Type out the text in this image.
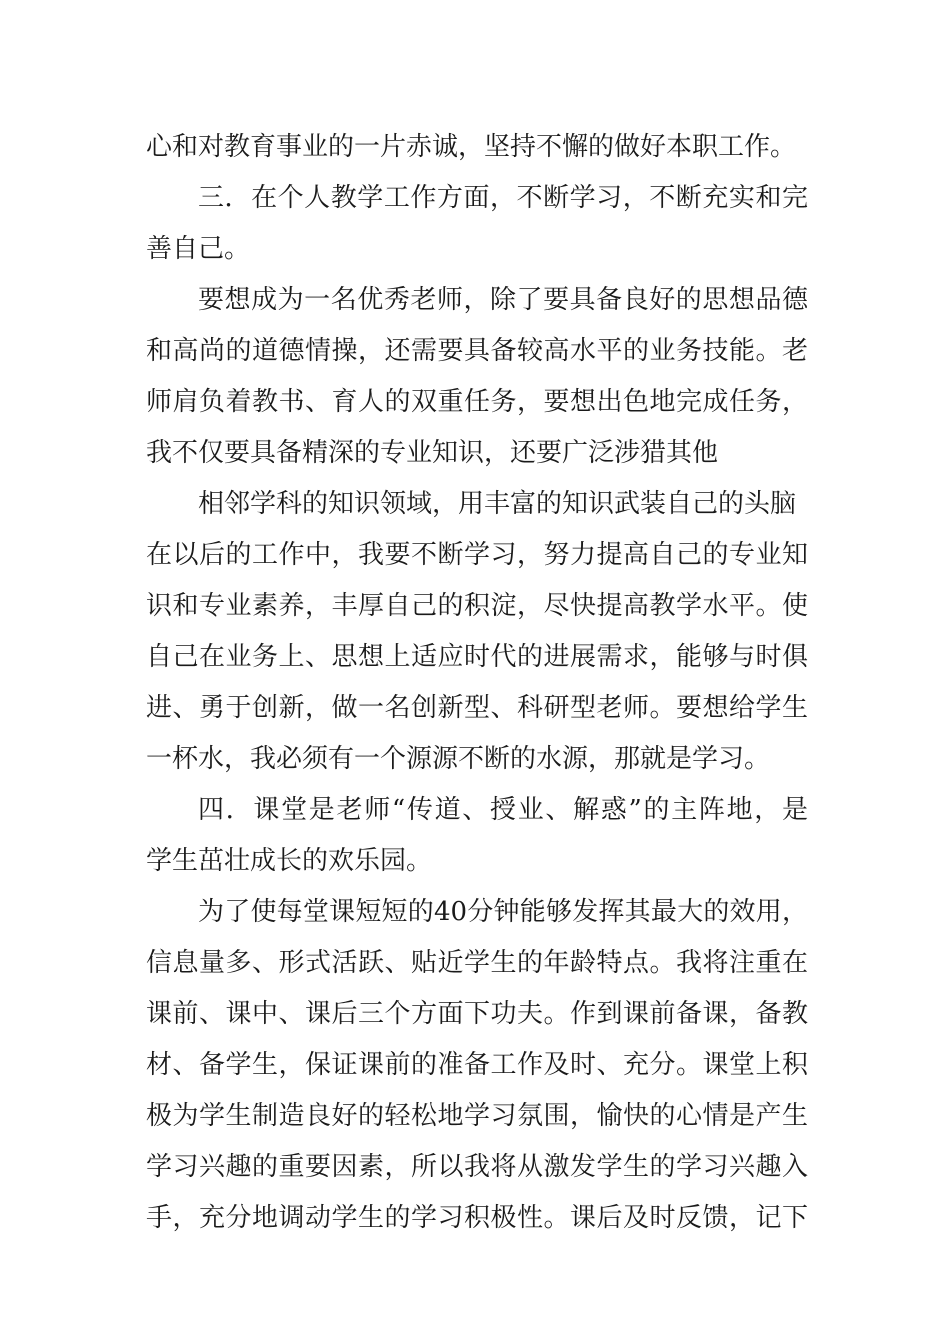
心和对教育事业的一片赤诚，坚持不懈的做好本职工作。
三．在个人教学工作方面，不断学习，不断充实和完
善自己。
要想成为一名优秀老师，除了要具备良好的思想品德
和高尚的道德情操，还需要具备较高水平的业务技能。老
师肩负着教书、育人的双重任务，要想出色地完成任务，
我不仅要具备精深的专业知识，还要广泛涉猎其他
相邻学科的知识领域，用丰富的知识武装自己的头脑
在以后的工作中，我要不断学习，努力提高自己的专业知
识和专业素养，丰厚自己的积淀，尽快提高教学水平。使
自己在业务上、思想上适应时代的进展需求，能够与时俱
进、勇于创新，做一名创新型、科研型老师。要想给学生
一杯水，我必须有一个源源不断的水源，那就是学习。
四．课堂是老师“传道、授业、解惑”的主阵地，是
学生茁壮成长的欢乐园。
为了使每堂课短短的40分钟能够发挥其最大的效用，
信息量多、形式活跃、贴近学生的年龄特点。我将注重在
课前、课中、课后三个方面下功夫。作到课前备课，备教
材、备学生，保证课前的准备工作及时、充分。课堂上积
极为学生制造良好的轻松地学习氛围，愉快的心情是产生
学习兴趣的重要因素，所以我将从激发学生的学习兴趣入
手，充分地调动学生的学习积极性。课后及时反馈，记下
